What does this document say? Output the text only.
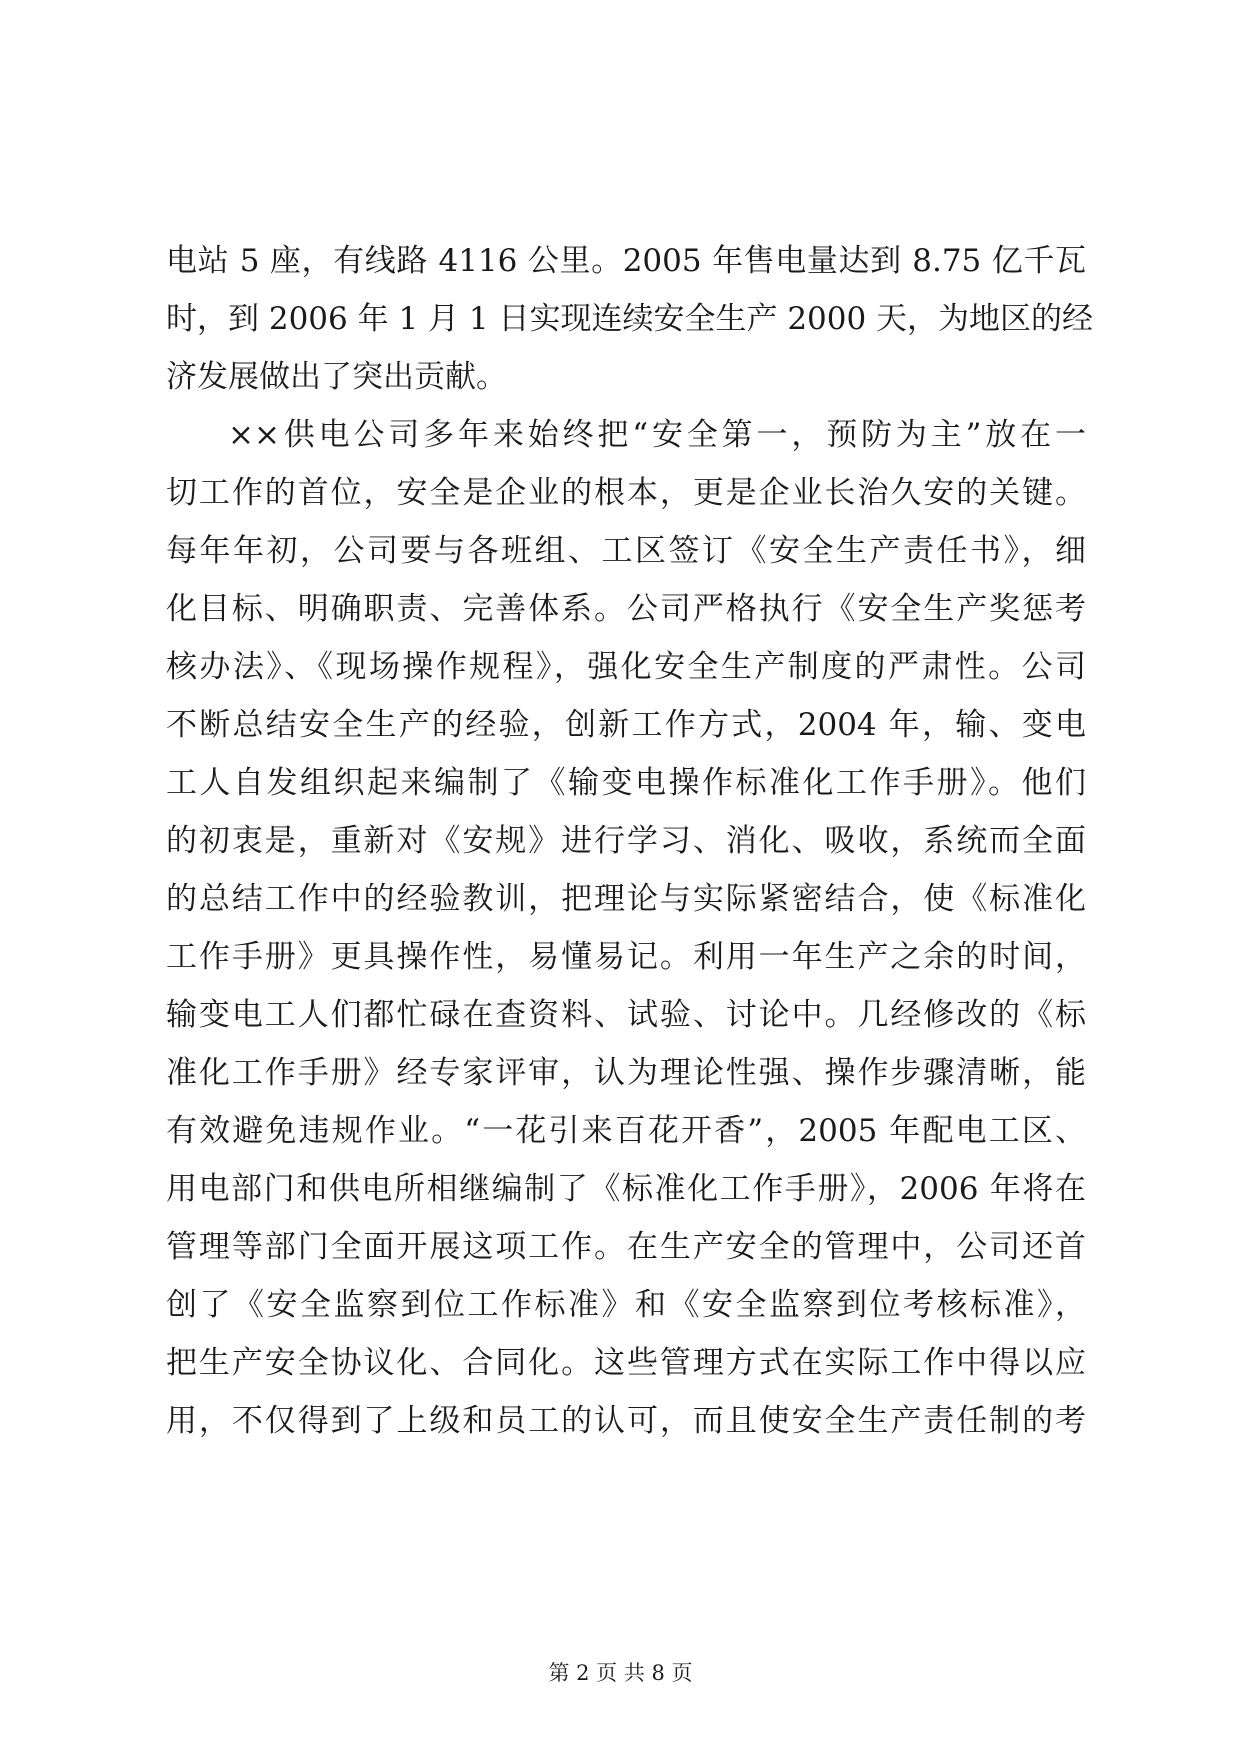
电站 5 座，有线路 4116 公里。2005 年售电量达到 8.75 亿千瓦
时，到 2006 年 1 月 1 日实现连续安全生产 2000 天，为地区的经
济发展做出了突出贡献。
××供电公司多年来始终把“安全第一，预防为主”放在一
切工作的首位，安全是企业的根本，更是企业长治久安的关键。
每年年初，公司要与各班组、工区签订《安全生产责任书》，细
化目标、明确职责、完善体系。公司严格执行《安全生产奖惩考
核办法》、《现场操作规程》，强化安全生产制度的严肃性。公司
不断总结安全生产的经验，创新工作方式，2004 年，输、变电
工人自发组织起来编制了《输变电操作标准化工作手册》。他们
的初衷是，重新对《安规》进行学习、消化、吸收，系统而全面
的总结工作中的经验教训，把理论与实际紧密结合，使《标准化
工作手册》更具操作性，易懂易记。利用一年生产之余的时间，
输变电工人们都忙碌在查资料、试验、讨论中。几经修改的《标
准化工作手册》经专家评审，认为理论性强、操作步骤清晰，能
有效避免违规作业。“一花引来百花开香”，2005 年配电工区、
用电部门和供电所相继编制了《标准化工作手册》，2006 年将在
管理等部门全面开展这项工作。在生产安全的管理中，公司还首
创了《安全监察到位工作标准》和《安全监察到位考核标准》，
把生产安全协议化、合同化。这些管理方式在实际工作中得以应
用，不仅得到了上级和员工的认可，而且使安全生产责任制的考
第 2 页 共 8 页
